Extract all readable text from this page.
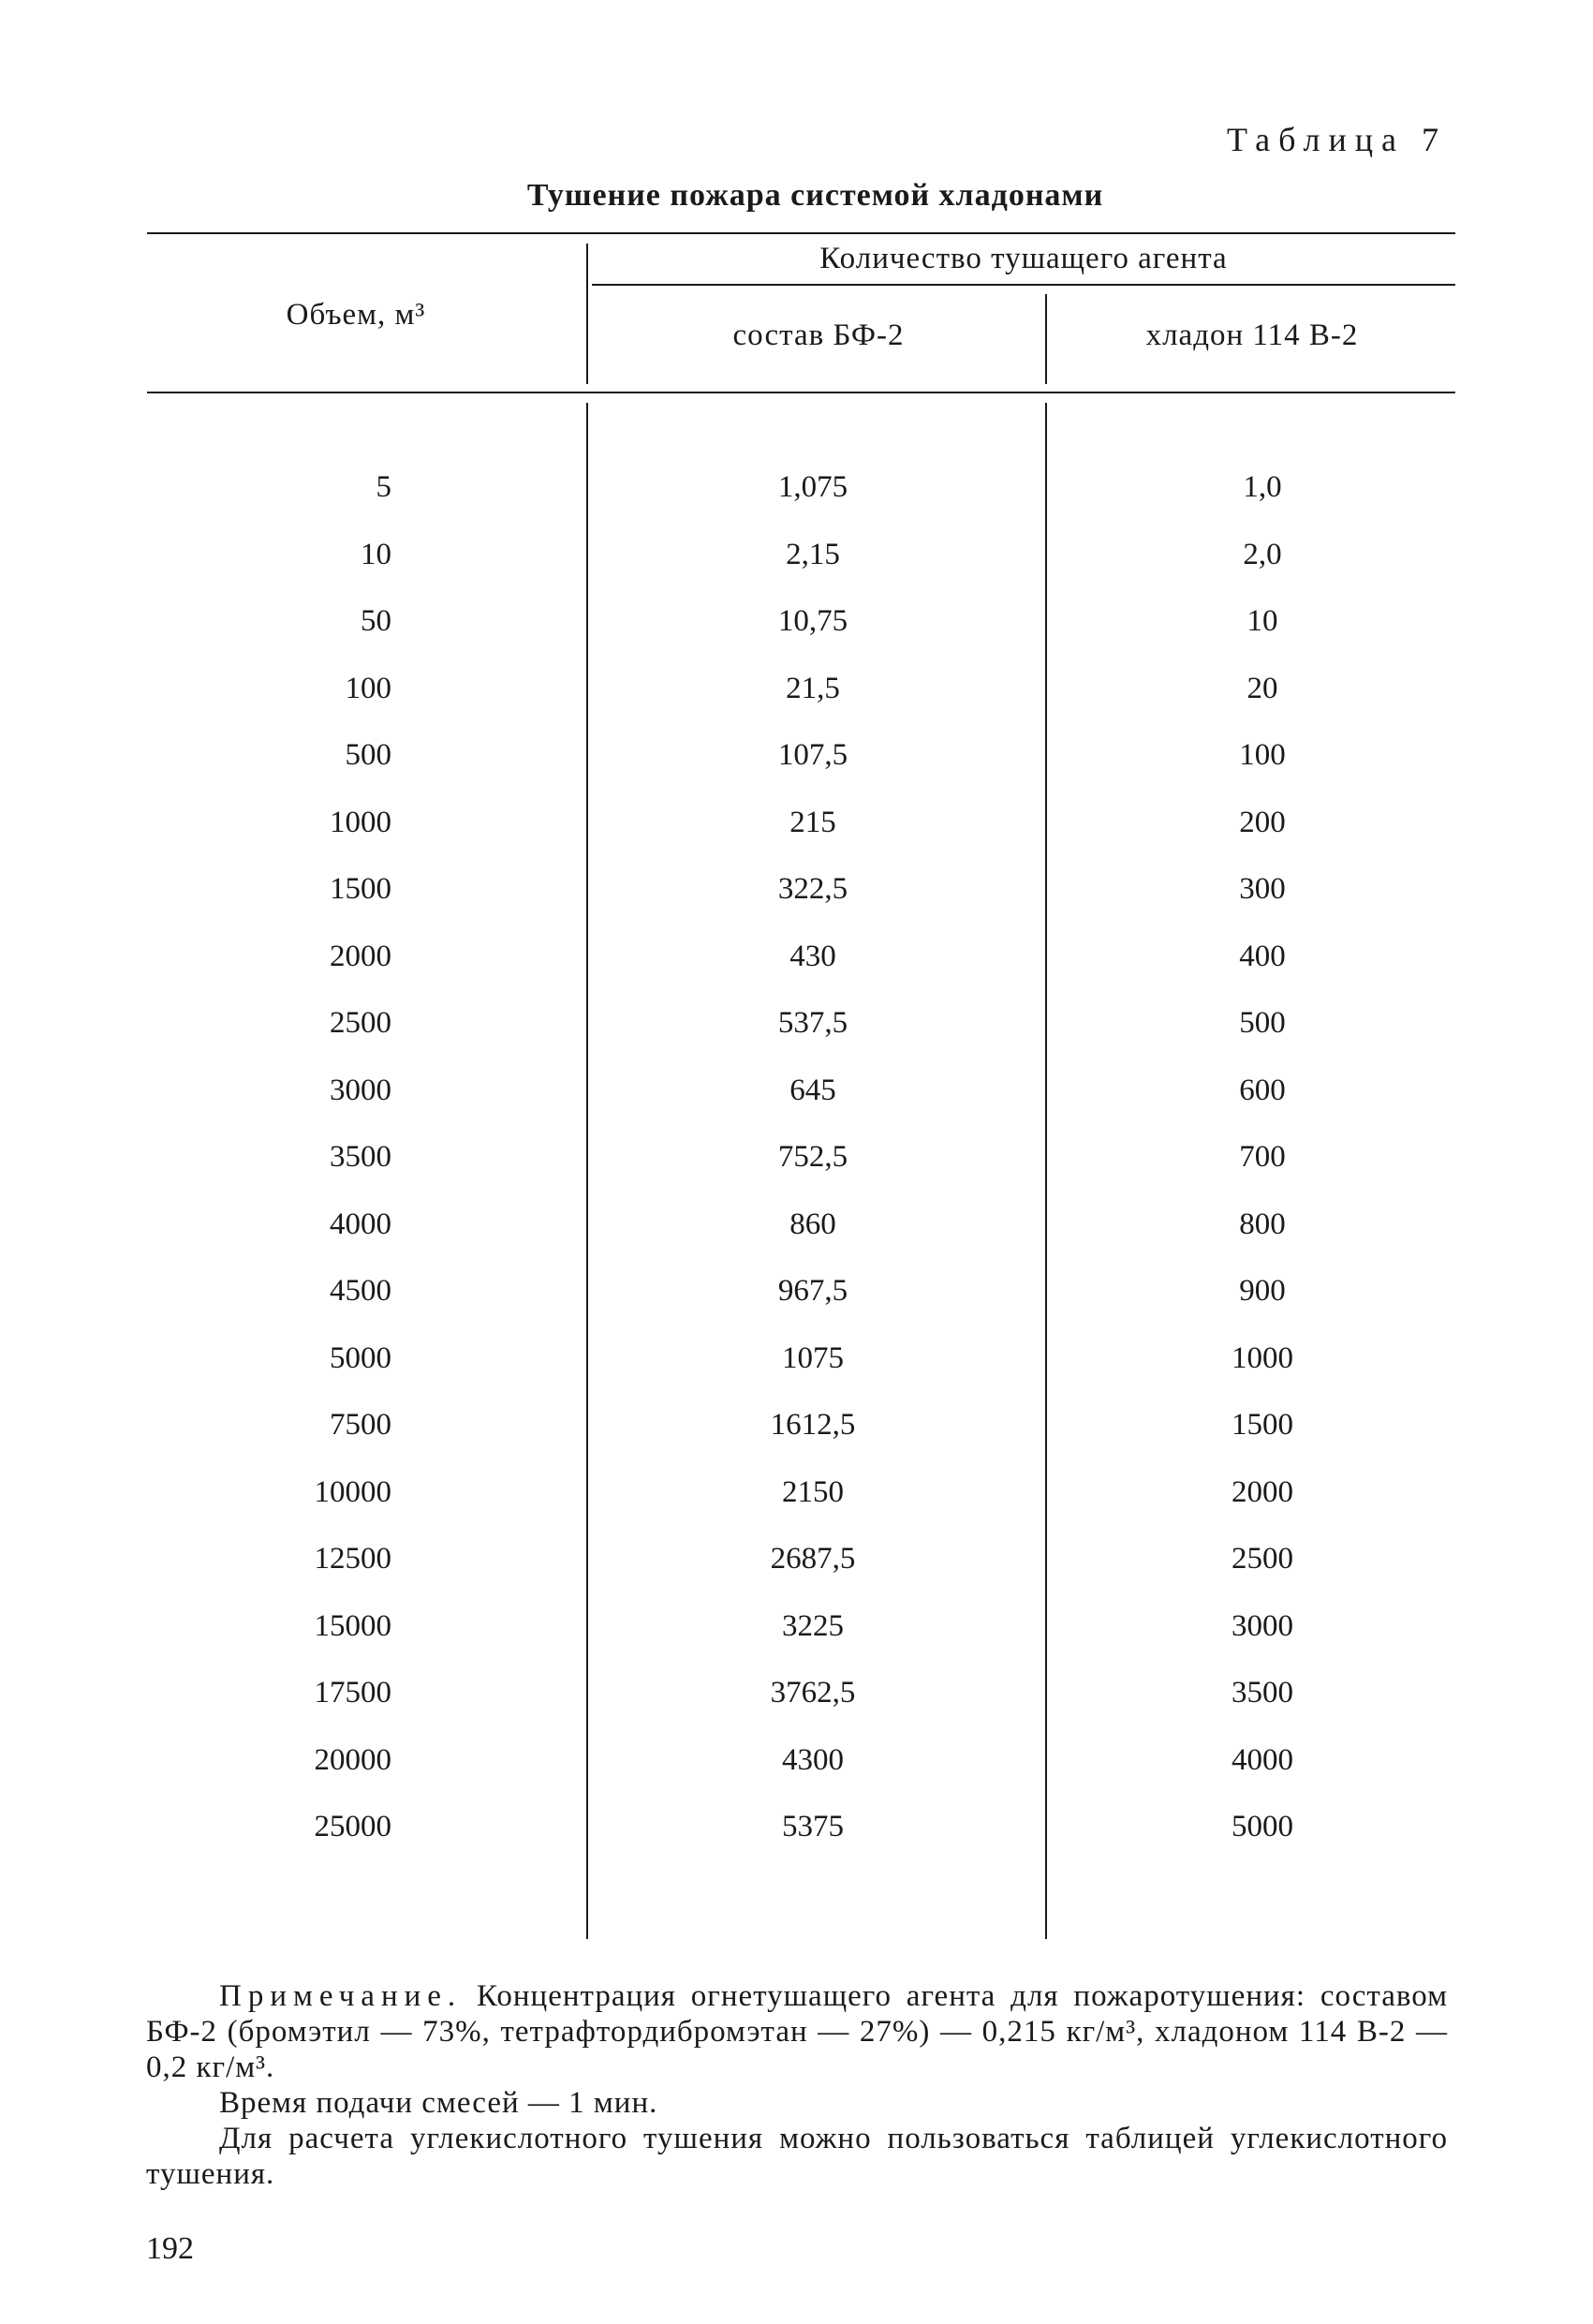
Таблица 7
Тушение пожара системой хладонами
Объем, м³
Количество тушащего агента
состав БФ-2	хладон 114 В-2
5	1,075	1,0
10	2,15	2,0
50	10,75	10
100	21,5	20
500	107,5	100
1000	215	200
1500	322,5	300
2000	430	400
2500	537,5	500
3000	645	600
3500	752,5	700
4000	860	800
4500	967,5	900
5000	1075	1000
7500	1612,5	1500
10000	2150	2000
12500	2687,5	2500
15000	3225	3000
17500	3762,5	3500
20000	4300	4000
25000	5375	5000

Примечание. Концентрация огнетушащего агента для пожаротушения: составом БФ-2 (бромэтил — 73%, тетрафтордибромэтан — 27%) — 0,215 кг/м³, хладоном 114 В-2 — 0,2 кг/м³.

Время подачи смесей — 1 мин.

Для расчета углекислотного тушения можно пользоваться таблицей углекислотного тушения.

192
